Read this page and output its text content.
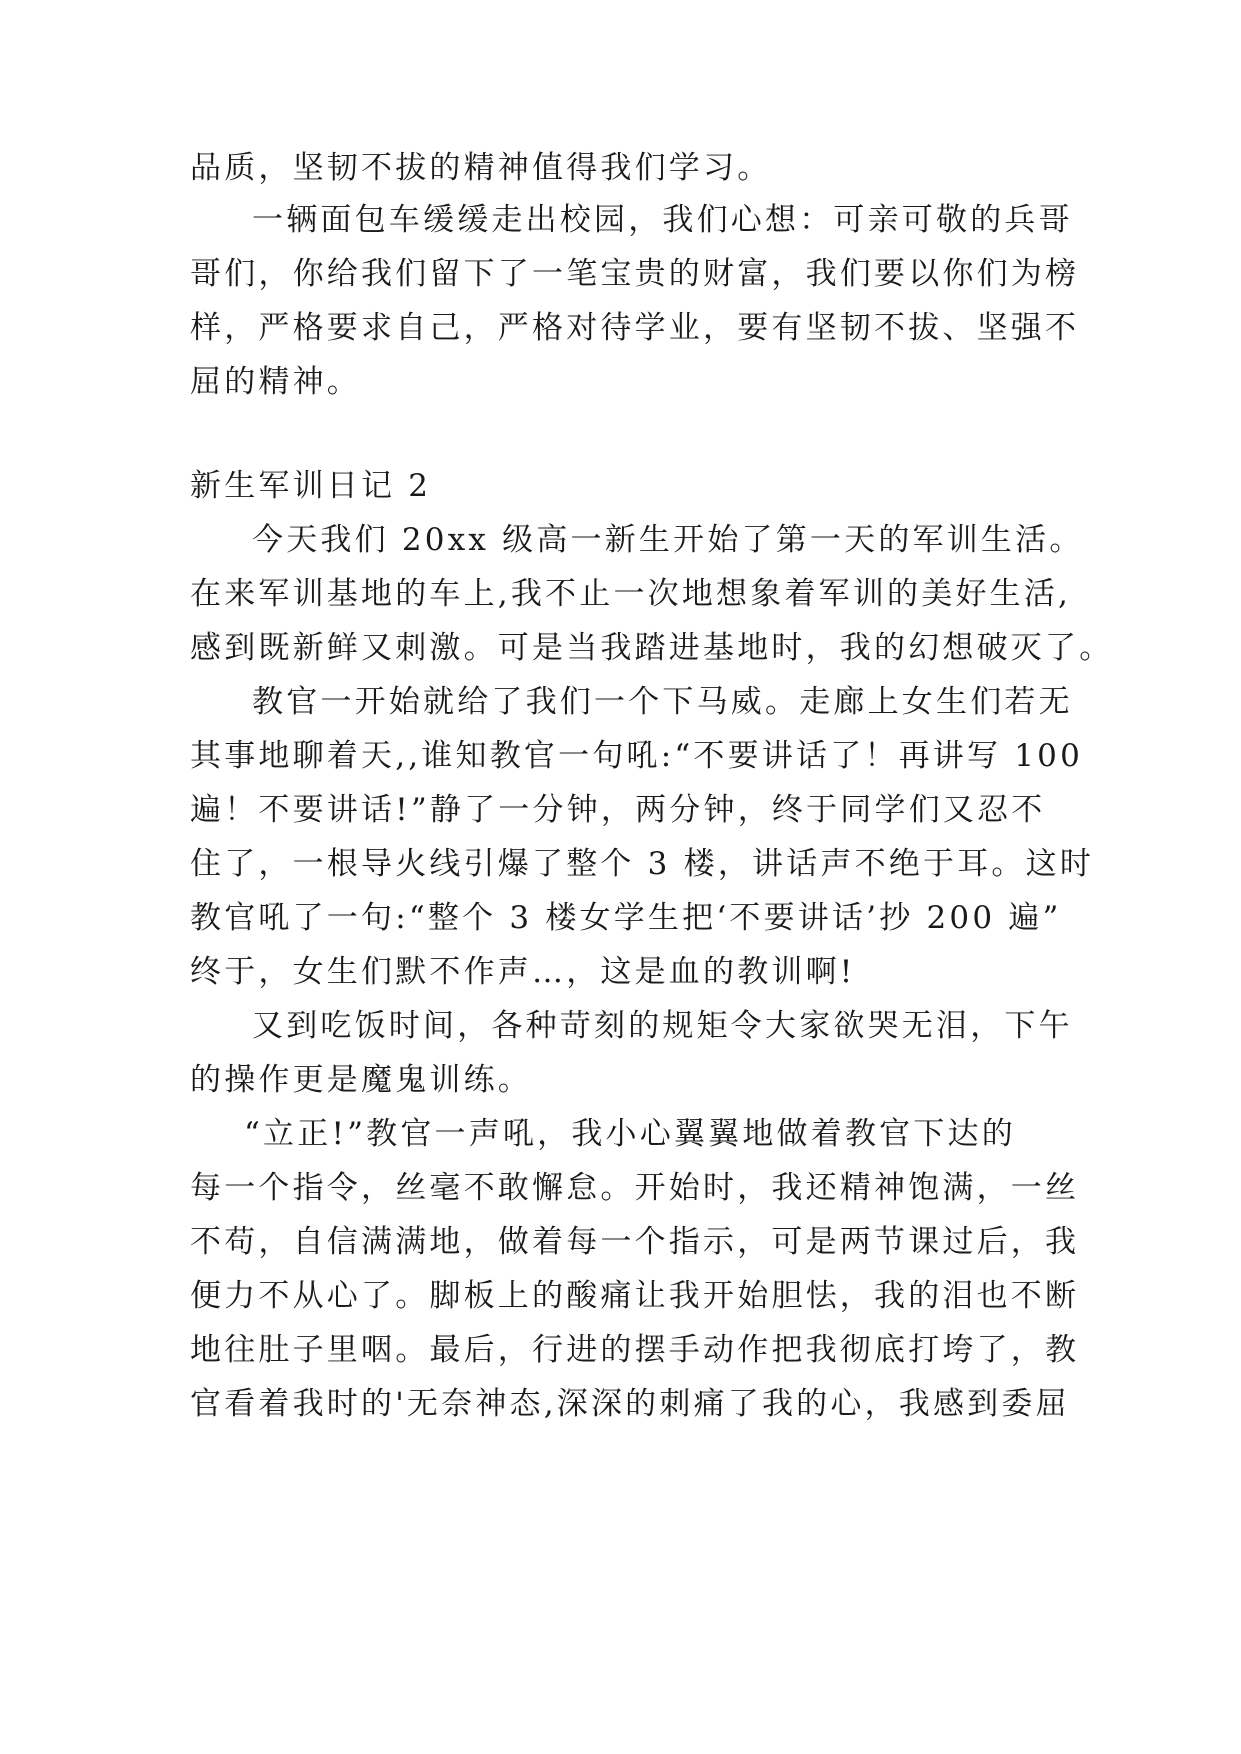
品质，坚韧不拔的精神值得我们学习。
一辆面包车缓缓走出校园，我们心想：可亲可敬的兵哥
哥们，你给我们留下了一笔宝贵的财富，我们要以你们为榜
样，严格要求自己，严格对待学业，要有坚韧不拔、坚强不
屈的精神。
新生军训日记 2
今天我们 20xx 级高一新生开始了第一天的军训生活。
在来军训基地的车上,我不止一次地想象着军训的美好生活,
感到既新鲜又刺激。可是当我踏进基地时，我的幻想破灭了。
教官一开始就给了我们一个下马威。走廊上女生们若无
其事地聊着天,,谁知教官一句吼:“不要讲话了！再讲写 100
遍！不要讲话!”静了一分钟，两分钟，终于同学们又忍不
住了，一根导火线引爆了整个 3 楼，讲话声不绝于耳。这时
教官吼了一句:“整个 3 楼女学生把‘不要讲话’抄 200 遍”
终于，女生们默不作声…，这是血的教训啊!
又到吃饭时间，各种苛刻的规矩令大家欲哭无泪，下午
的操作更是魔鬼训练。
“立正!”教官一声吼，我小心翼翼地做着教官下达的
每一个指令，丝毫不敢懈怠。开始时，我还精神饱满，一丝
不苟，自信满满地，做着每一个指示，可是两节课过后，我
便力不从心了。脚板上的酸痛让我开始胆怯，我的泪也不断
地往肚子里咽。最后，行进的摆手动作把我彻底打垮了，教
官看着我时的'无奈神态,深深的刺痛了我的心，我感到委屈
